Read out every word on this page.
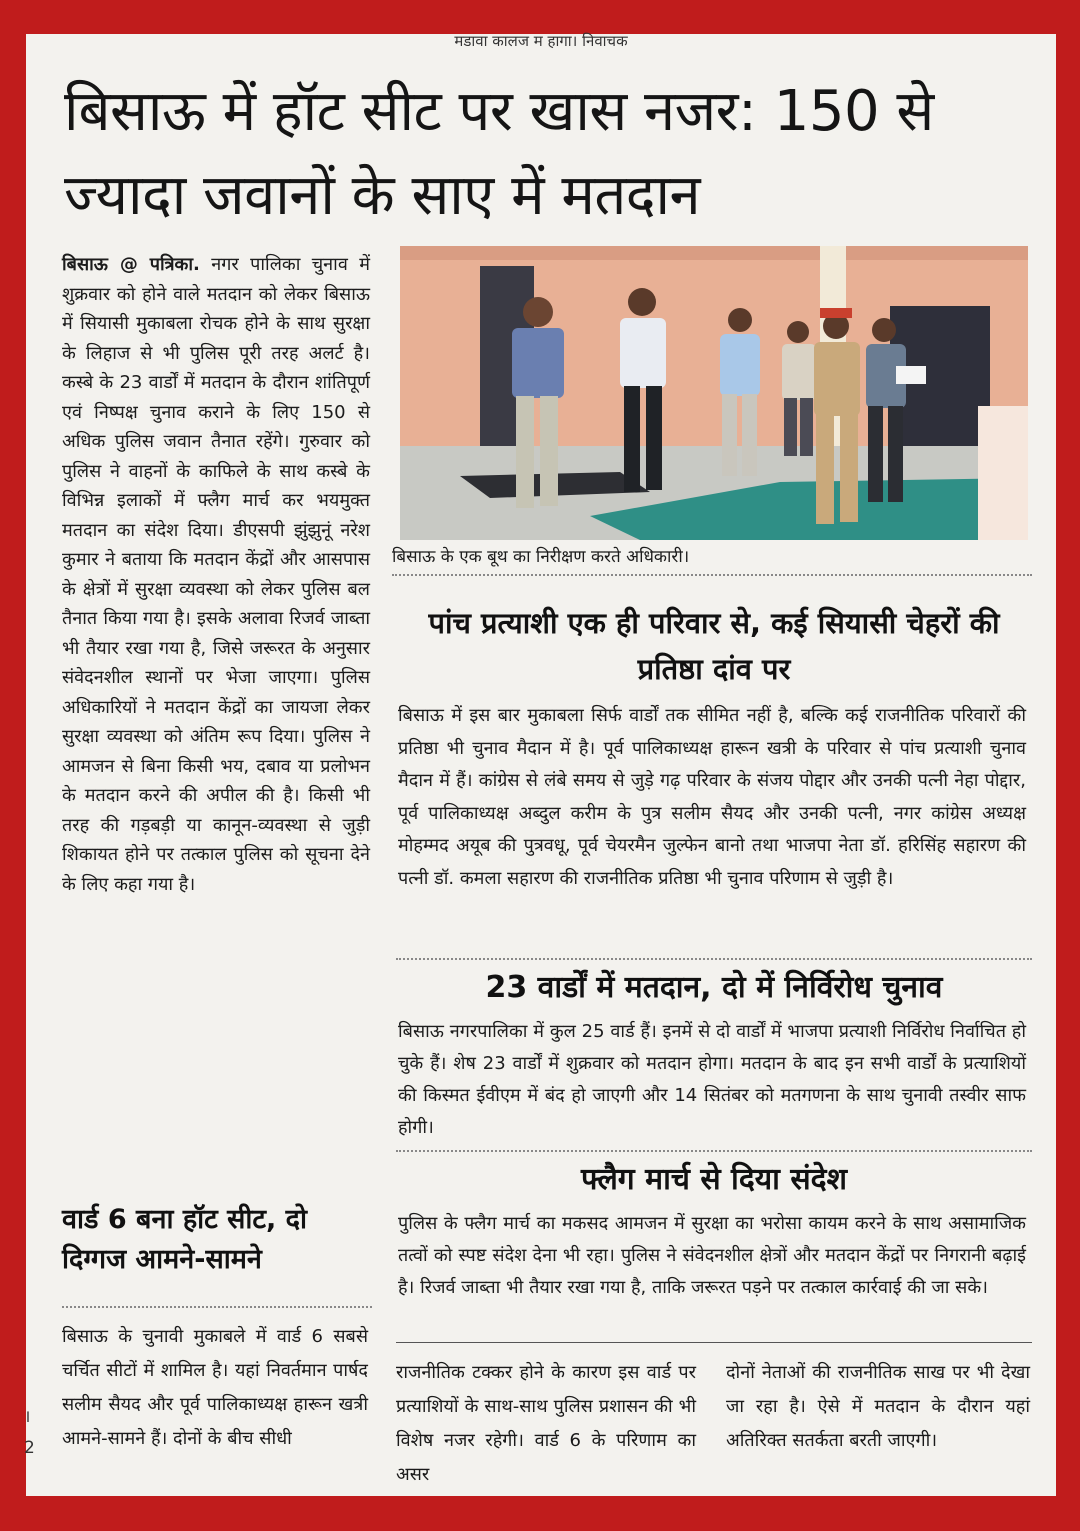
मडावा कालज म हागा। निवाचक
बिसाऊ में हॉट सीट पर खास नजर: 150 से ज्यादा जवानों के साए में मतदान

बिसाऊ @ पत्रिका. नगर पालिका चुनाव में शुक्रवार को होने वाले मतदान को लेकर बिसाऊ में सियासी मुकाबला रोचक होने के साथ सुरक्षा के लिहाज से भी पुलिस पूरी तरह अलर्ट है। कस्बे के 23 वार्डों में मतदान के दौरान शांतिपूर्ण एवं निष्पक्ष चुनाव कराने के लिए 150 से अधिक पुलिस जवान तैनात रहेंगे। गुरुवार को पुलिस ने वाहनों के काफिले के साथ कस्बे के विभिन्न इलाकों में फ्लैग मार्च कर भयमुक्त मतदान का संदेश दिया। डीएसपी झुंझुनूं नरेश कुमार ने बताया कि मतदान केंद्रों और आसपास के क्षेत्रों में सुरक्षा व्यवस्था को लेकर पुलिस बल तैनात किया गया है। इसके अलावा रिजर्व जाब्ता भी तैयार रखा गया है, जिसे जरूरत के अनुसार संवेदनशील स्थानों पर भेजा जाएगा। पुलिस अधिकारियों ने मतदान केंद्रों का जायजा लेकर सुरक्षा व्यवस्था को अंतिम रूप दिया। पुलिस ने आमजन से बिना किसी भय, दबाव या प्रलोभन के मतदान करने की अपील की है। किसी भी तरह की गड़बड़ी या कानून-व्यवस्था से जुड़ी शिकायत होने पर तत्काल पुलिस को सूचना देने के लिए कहा गया है।

वार्ड 6 बना हॉट सीट, दो दिग्गज आमने-सामने

बिसाऊ के चुनावी मुकाबले में वार्ड 6 सबसे चर्चित सीटों में शामिल है। यहां निवर्तमान पार्षद सलीम सैयद और पूर्व पालिकाध्यक्ष हारून खत्री आमने-सामने हैं। दोनों के बीच सीधी

।
2

बिसाऊ के एक बूथ का निरीक्षण करते अधिकारी।

पांच प्रत्याशी एक ही परिवार से, कई सियासी चेहरों की प्रतिष्ठा दांव पर

बिसाऊ में इस बार मुकाबला सिर्फ वार्डों तक सीमित नहीं है, बल्कि कई राजनीतिक परिवारों की प्रतिष्ठा भी चुनाव मैदान में है। पूर्व पालिकाध्यक्ष हारून खत्री के परिवार से पांच प्रत्याशी चुनाव मैदान में हैं। कांग्रेस से लंबे समय से जुड़े गढ़ परिवार के संजय पोद्दार और उनकी पत्नी नेहा पोद्दार, पूर्व पालिकाध्यक्ष अब्दुल करीम के पुत्र सलीम सैयद और उनकी पत्नी, नगर कांग्रेस अध्यक्ष मोहम्मद अयूब की पुत्रवधू, पूर्व चेयरमैन जुल्फेन बानो तथा भाजपा नेता डॉ. हरिसिंह सहारण की पत्नी डॉ. कमला सहारण की राजनीतिक प्रतिष्ठा भी चुनाव परिणाम से जुड़ी है।

23 वार्डों में मतदान, दो में निर्विरोध चुनाव

बिसाऊ नगरपालिका में कुल 25 वार्ड हैं। इनमें से दो वार्डों में भाजपा प्रत्याशी निर्विरोध निर्वाचित हो चुके हैं। शेष 23 वार्डों में शुक्रवार को मतदान होगा। मतदान के बाद इन सभी वार्डों के प्रत्याशियों की किस्मत ईवीएम में बंद हो जाएगी और 14 सितंबर को मतगणना के साथ चुनावी तस्वीर साफ होगी।

फ्लैग मार्च से दिया संदेश

पुलिस के फ्लैग मार्च का मकसद आमजन में सुरक्षा का भरोसा कायम करने के साथ असामाजिक तत्वों को स्पष्ट संदेश देना भी रहा। पुलिस ने संवेदनशील क्षेत्रों और मतदान केंद्रों पर निगरानी बढ़ाई है। रिजर्व जाब्ता भी तैयार रखा गया है, ताकि जरूरत पड़ने पर तत्काल कार्रवाई की जा सके।

राजनीतिक टक्कर होने के कारण इस वार्ड पर प्रत्याशियों के साथ-साथ पुलिस प्रशासन की भी विशेष नजर रहेगी। वार्ड 6 के परिणाम का असर

दोनों नेताओं की राजनीतिक साख पर भी देखा जा रहा है। ऐसे में मतदान के दौरान यहां अतिरिक्त सतर्कता बरती जाएगी।
